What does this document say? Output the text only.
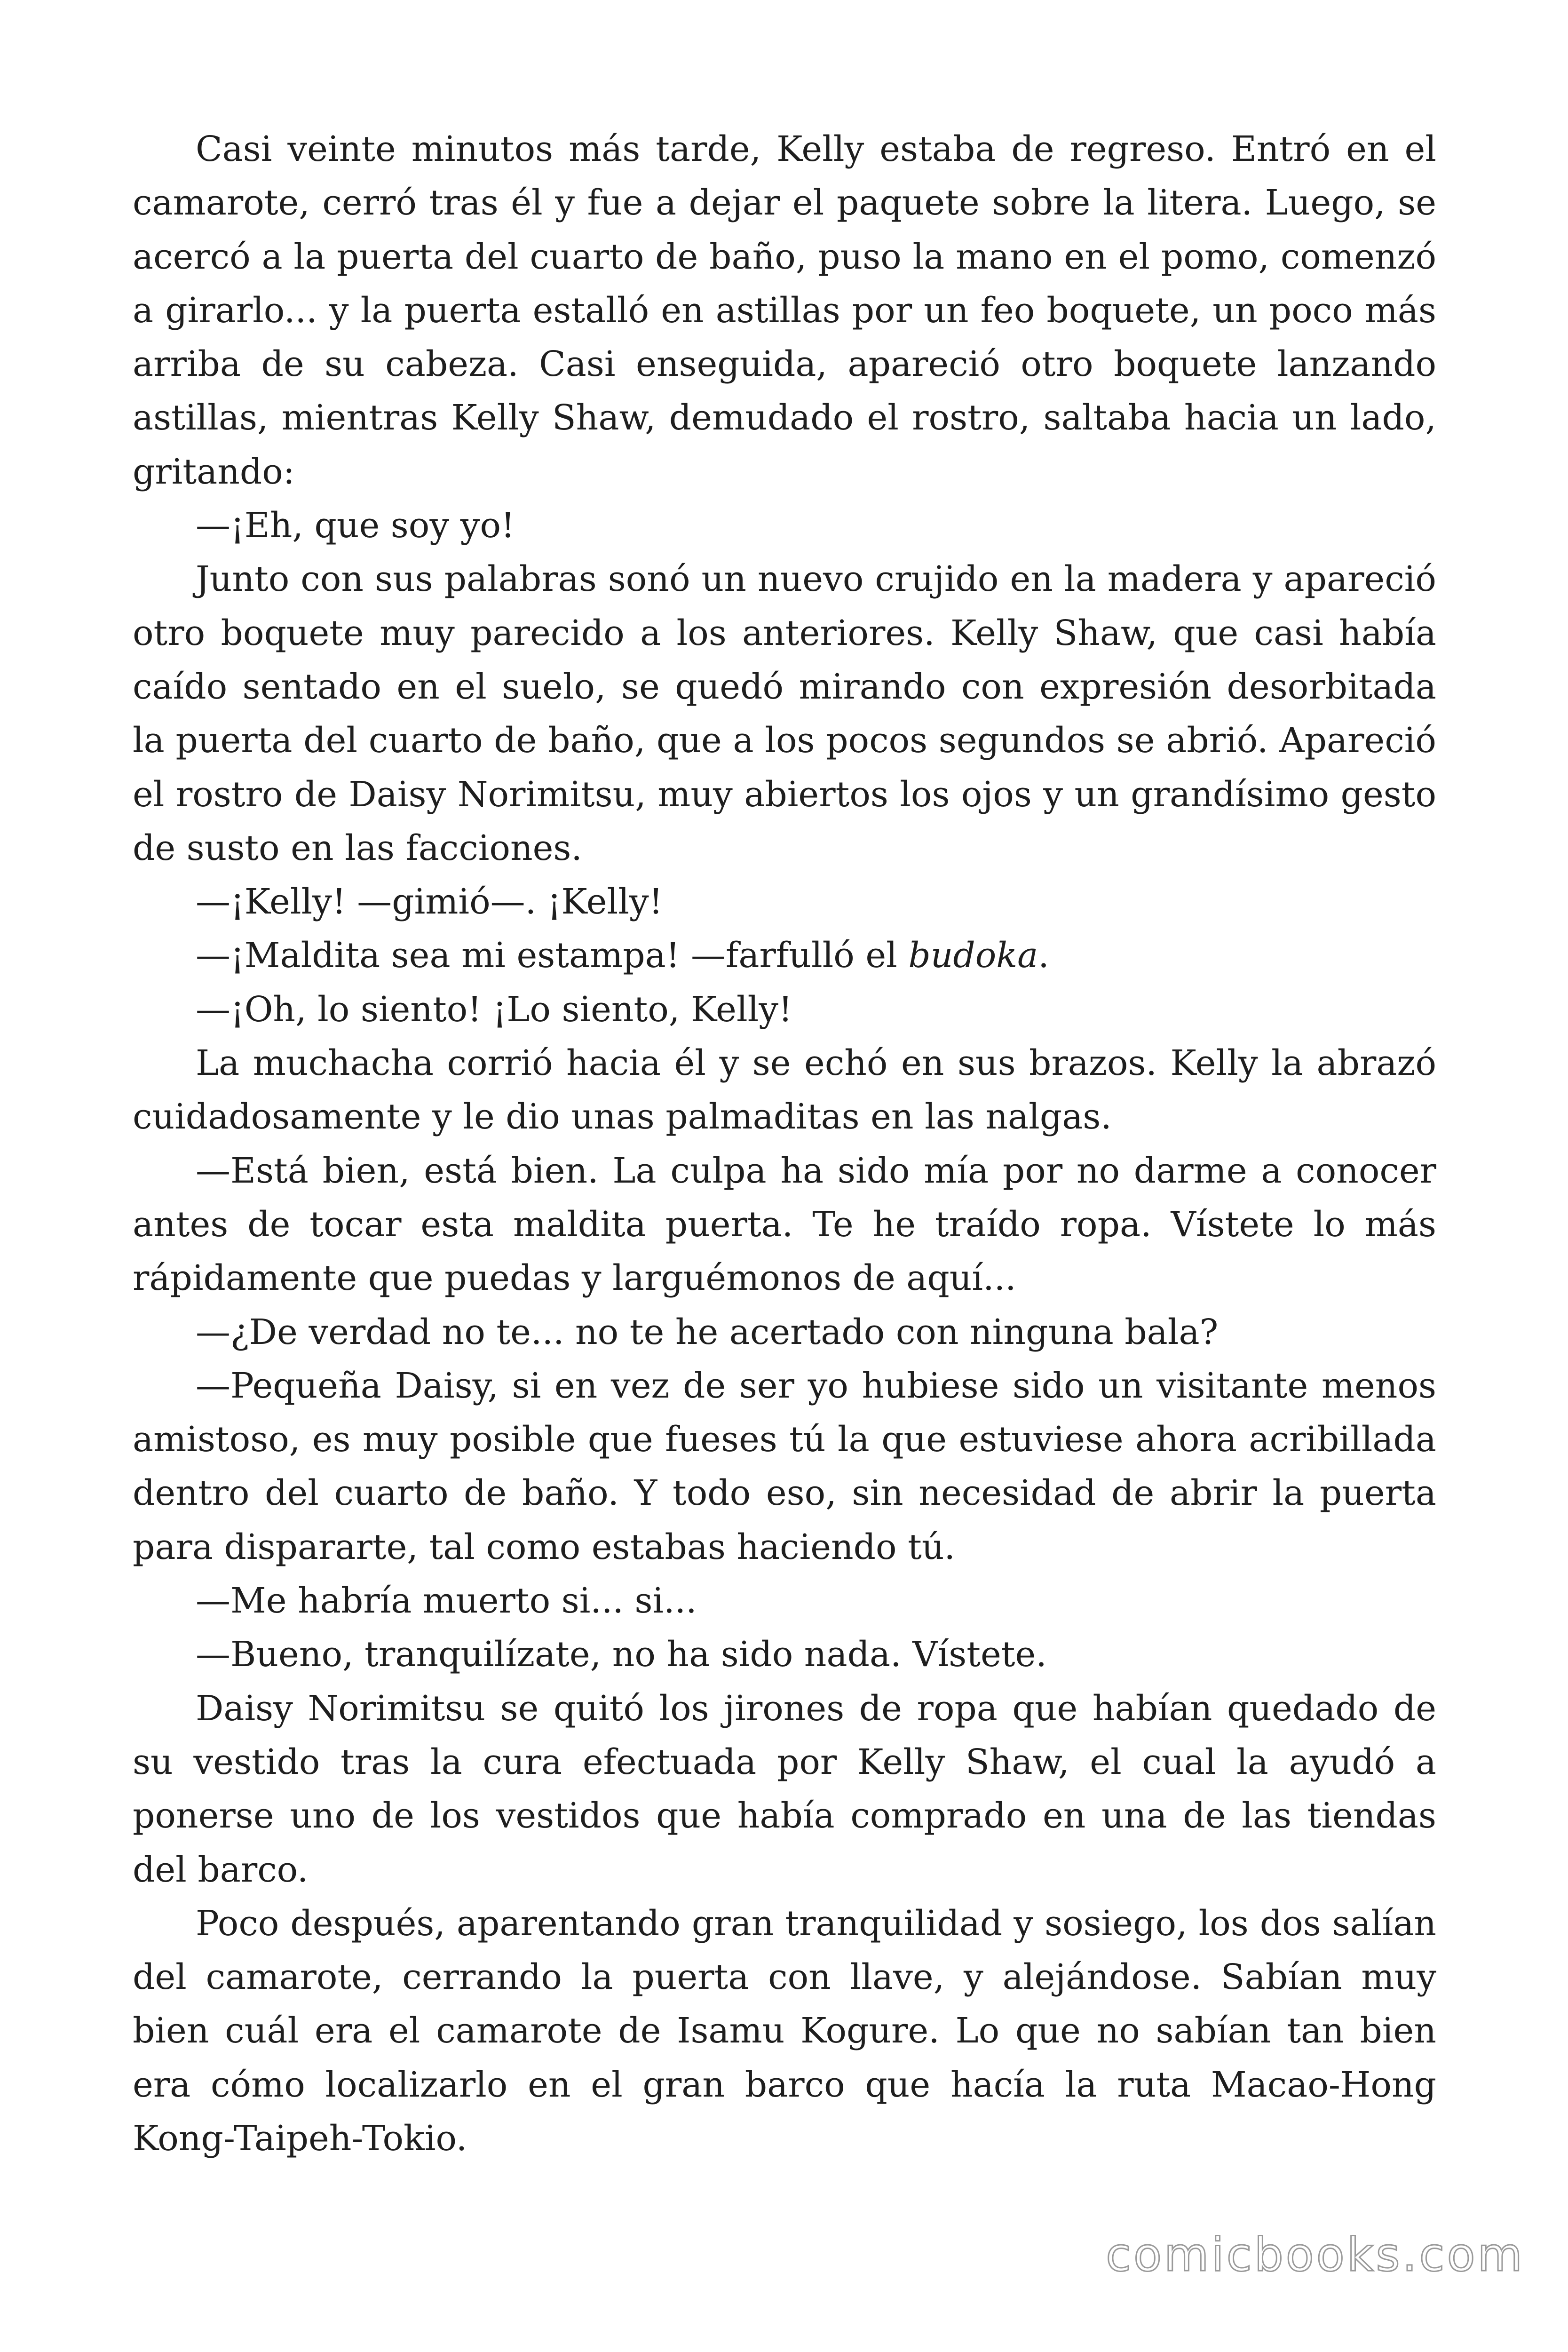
Casi veinte minutos más tarde, Kelly estaba de regreso. Entró en el camarote, cerró tras él y fue a dejar el paquete sobre la litera. Luego, se acercó a la puerta del cuarto de baño, puso la mano en el pomo, comenzó a girarlo... y la puerta estalló en astillas por un feo boquete, un poco más arriba de su cabeza. Casi enseguida, apareció otro boquete lanzando astillas, mientras Kelly Shaw, demudado el rostro, saltaba hacia un lado, gritando:

—¡Eh, que soy yo!

Junto con sus palabras sonó un nuevo crujido en la madera y apareció otro boquete muy parecido a los anteriores. Kelly Shaw, que casi había caído sentado en el suelo, se quedó mirando con expresión desorbitada la puerta del cuarto de baño, que a los pocos segundos se abrió. Apareció el rostro de Daisy Norimitsu, muy abiertos los ojos y un grandísimo gesto de susto en las facciones.

—¡Kelly! —gimió—. ¡Kelly!

—¡Maldita sea mi estampa! —farfulló el budoka.

—¡Oh, lo siento! ¡Lo siento, Kelly!

La muchacha corrió hacia él y se echó en sus brazos. Kelly la abrazó cuidadosamente y le dio unas palmaditas en las nalgas.

—Está bien, está bien. La culpa ha sido mía por no darme a conocer antes de tocar esta maldita puerta. Te he traído ropa. Vístete lo más rápidamente que puedas y larguémonos de aquí...

—¿De verdad no te... no te he acertado con ninguna bala?

—Pequeña Daisy, si en vez de ser yo hubiese sido un visitante menos amistoso, es muy posible que fueses tú la que estuviese ahora acribillada dentro del cuarto de baño. Y todo eso, sin necesidad de abrir la puerta para dispararte, tal como estabas haciendo tú.

—Me habría muerto si... si...

—Bueno, tranquilízate, no ha sido nada. Vístete.

Daisy Norimitsu se quitó los jirones de ropa que habían quedado de su vestido tras la cura efectuada por Kelly Shaw, el cual la ayudó a ponerse uno de los vestidos que había comprado en una de las tiendas del barco.

Poco después, aparentando gran tranquilidad y sosiego, los dos salían del camarote, cerrando la puerta con llave, y alejándose. Sabían muy bien cuál era el camarote de Isamu Kogure. Lo que no sabían tan bien era cómo localizarlo en el gran barco que hacía la ruta Macao-Hong Kong-Taipeh-Tokio.

comicbooks.com
